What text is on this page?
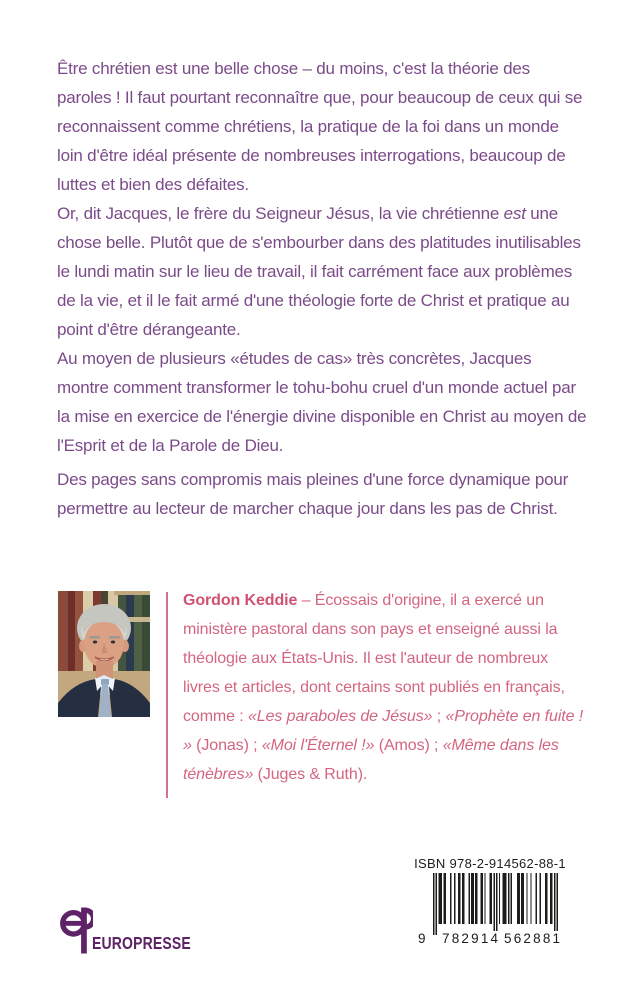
Être chrétien est une belle chose – du moins, c'est la théorie des paroles ! Il faut pourtant reconnaître que, pour beaucoup de ceux qui se reconnaissent comme chrétiens, la pratique de la foi dans un monde loin d'être idéal présente de nombreuses interrogations, beaucoup de luttes et bien des défaites.

Or, dit Jacques, le frère du Seigneur Jésus, la vie chrétienne est une chose belle. Plutôt que de s'embourber dans des platitudes inutilisables le lundi matin sur le lieu de travail, il fait carrément face aux problèmes de la vie, et il le fait armé d'une théologie forte de Christ et pratique au point d'être dérangeante.

Au moyen de plusieurs «études de cas» très concrètes, Jacques montre comment transformer le tohu-bohu cruel d'un monde actuel par la mise en exercice de l'énergie divine disponible en Christ au moyen de l'Esprit et de la Parole de Dieu.

Des pages sans compromis mais pleines d'une force dynamique pour permettre au lecteur de marcher chaque jour dans les pas de Christ.

Gordon Keddie – Écossais d'origine, il a exercé un ministère pastoral dans son pays et enseigné aussi la théologie aux États-Unis. Il est l'auteur de nombreux livres et articles, dont certains sont publiés en français, comme : «Les paraboles de Jésus» ; «Prophète en fuite ! » (Jonas) ; «Moi l'Éternel !» (Amos) ; «Même dans les ténèbres» (Juges & Ruth).

EUROPRESSE
ISBN 978-2-914562-88-1
9 782914 562881
